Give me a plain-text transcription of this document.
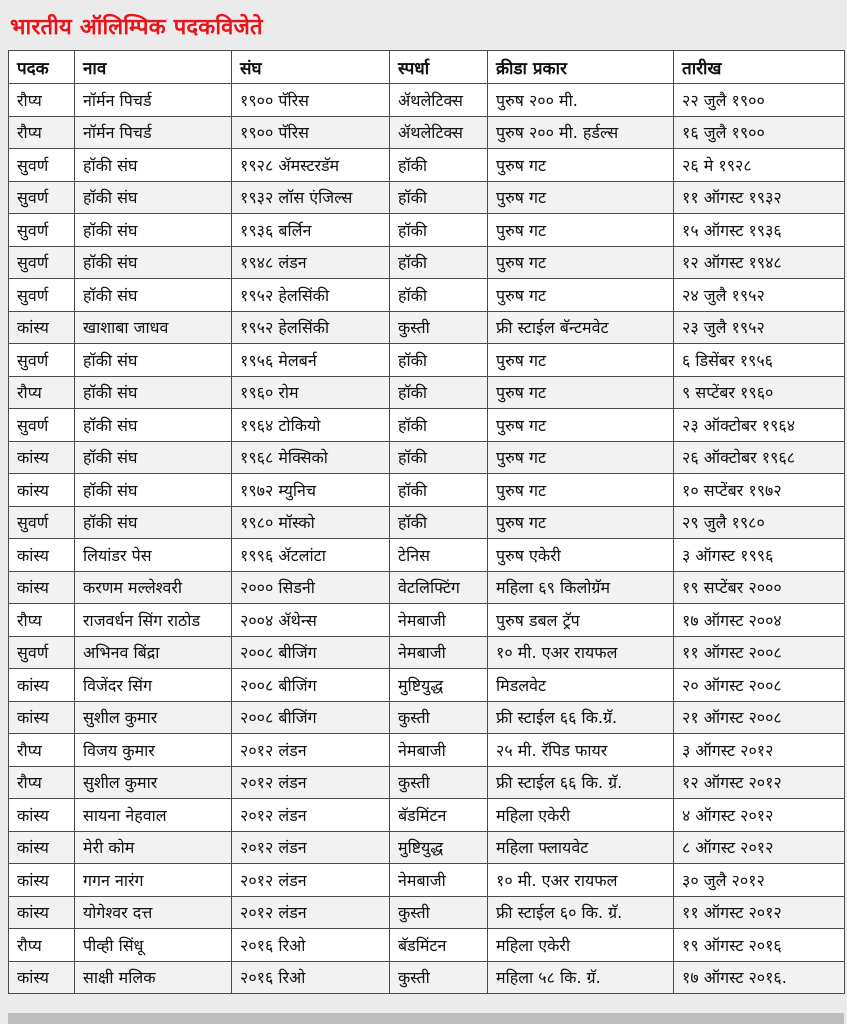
भारतीय ऑलिम्पिक पदकविजेते
पदक	नाव	संघ	स्पर्धा	क्रीडा प्रकार	तारीख
रौप्य	नॉर्मन पिचर्ड	१९०० पॅरिस	ॲथलेटिक्स	पुरुष २०० मी.	२२ जुलै १९००
रौप्य	नॉर्मन पिचर्ड	१९०० पॅरिस	ॲथलेटिक्स	पुरुष २०० मी. हर्डल्स	१६ जुलै १९००
सुवर्ण	हॉकी संघ	१९२८ ॲमस्टरडॅम	हॉकी	पुरुष गट	२६ मे १९२८
सुवर्ण	हॉकी संघ	१९३२ लॉस एंजिल्स	हॉकी	पुरुष गट	११ ऑगस्ट १९३२
सुवर्ण	हॉकी संघ	१९३६ बर्लिन	हॉकी	पुरुष गट	१५ ऑगस्ट १९३६
सुवर्ण	हॉकी संघ	१९४८ लंडन	हॉकी	पुरुष गट	१२ ऑगस्ट १९४८
सुवर्ण	हॉकी संघ	१९५२ हेलसिंकी	हॉकी	पुरुष गट	२४ जुलै १९५२
कांस्य	खाशाबा जाधव	१९५२ हेलसिंकी	कुस्ती	फ्री स्टाईल बॅन्टमवेट	२३ जुलै १९५२
सुवर्ण	हॉकी संघ	१९५६ मेलबर्न	हॉकी	पुरुष गट	६ डिसेंबर १९५६
रौप्य	हॉकी संघ	१९६० रोम	हॉकी	पुरुष गट	९ सप्टेंबर १९६०
सुवर्ण	हॉकी संघ	१९६४ टोकियो	हॉकी	पुरुष गट	२३ ऑक्टोबर १९६४
कांस्य	हॉकी संघ	१९६८ मेक्सिको	हॉकी	पुरुष गट	२६ ऑक्टोबर १९६८
कांस्य	हॉकी संघ	१९७२ म्युनिच	हॉकी	पुरुष गट	१० सप्टेंबर १९७२
सुवर्ण	हॉकी संघ	१९८० मॉस्को	हॉकी	पुरुष गट	२९ जुलै १९८०
कांस्य	लियांडर पेस	१९९६ ॲटलांटा	टेनिस	पुरुष एकेरी	३ ऑगस्ट १९९६
कांस्य	करणम मल्लेश्वरी	२००० सिडनी	वेटलिफ्टिंग	महिला ६९ किलोग्रॅम	१९ सप्टेंबर २०००
रौप्य	राजवर्धन सिंग राठोड	२००४ ॲथेन्स	नेमबाजी	पुरुष डबल ट्रॅप	१७ ऑगस्ट २००४
सुवर्ण	अभिनव बिंद्रा	२००८ बीजिंग	नेमबाजी	१० मी. एअर रायफल	११ ऑगस्ट २००८
कांस्य	विजेंदर सिंग	२००८ बीजिंग	मुष्टियुद्ध	मिडलवेट	२० ऑगस्ट २००८
कांस्य	सुशील कुमार	२००८ बीजिंग	कुस्ती	फ्री स्टाईल ६६ कि.ग्रॅ.	२१ ऑगस्ट २००८
रौप्य	विजय कुमार	२०१२ लंडन	नेमबाजी	२५ मी. रॅपिड फायर	३ ऑगस्ट २०१२
रौप्य	सुशील कुमार	२०१२ लंडन	कुस्ती	फ्री स्टाईल ६६ कि. ग्रॅ.	१२ ऑगस्ट २०१२
कांस्य	सायना नेहवाल	२०१२ लंडन	बॅडमिंटन	महिला एकेरी	४ ऑगस्ट २०१२
कांस्य	मेरी कोम	२०१२ लंडन	मुष्टियुद्ध	महिला फ्लायवेट	८ ऑगस्ट २०१२
कांस्य	गगन नारंग	२०१२ लंडन	नेमबाजी	१० मी. एअर रायफल	३० जुलै २०१२
कांस्य	योगेश्वर दत्त	२०१२ लंडन	कुस्ती	फ्री स्टाईल ६० कि. ग्रॅ.	११ ऑगस्ट २०१२
रौप्य	पीव्ही सिंधू	२०१६ रिओ	बॅडमिंटन	महिला एकेरी	१९ ऑगस्ट २०१६
कांस्य	साक्षी मलिक	२०१६ रिओ	कुस्ती	महिला ५८ कि. ग्रॅ.	१७ ऑगस्ट २०१६.
